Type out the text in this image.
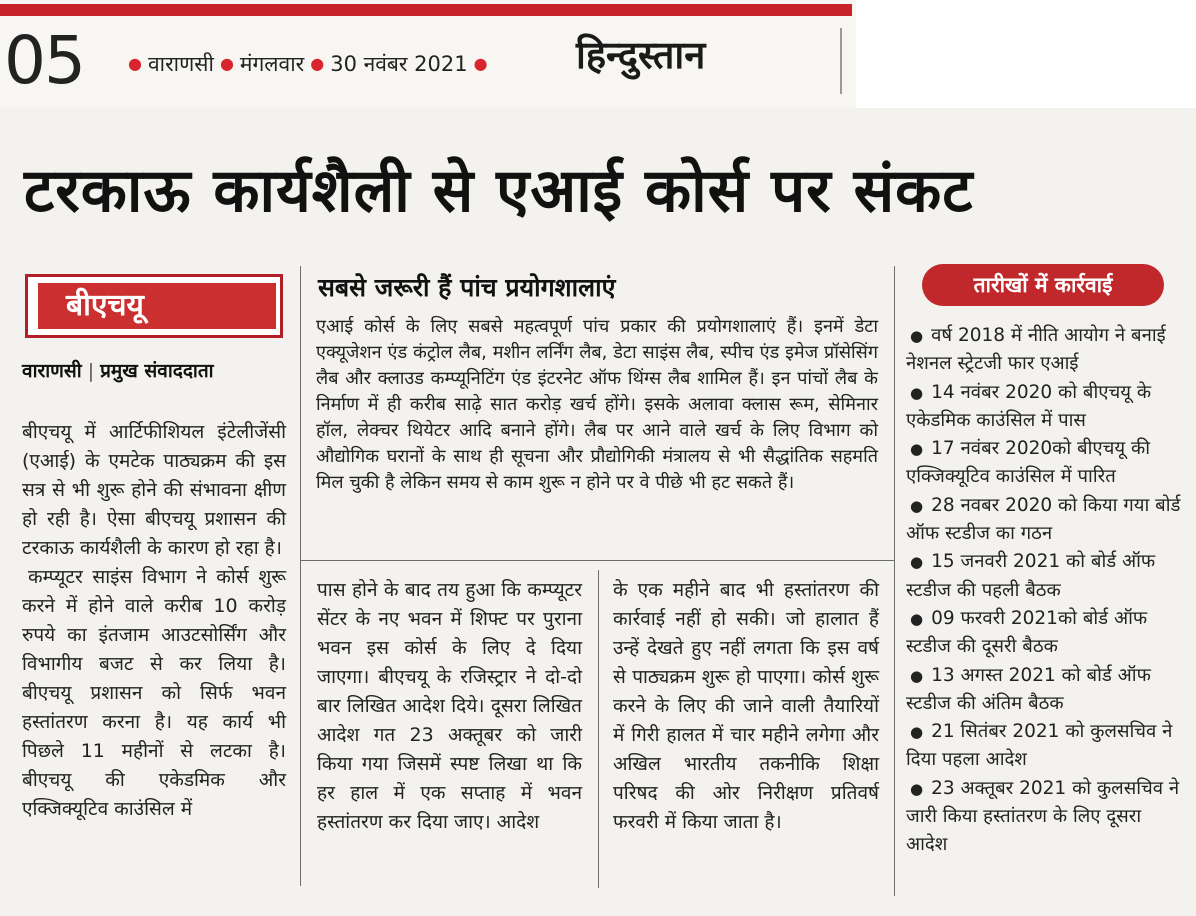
05	● वाराणसी ● मंगलवार ● 30 नवंबर 2021 ● हिन्दुस्तान
टरकाऊ कार्यशैली से एआई कोर्स पर संकट
बीएचयू
वाराणसी | प्रमुख संवाददाता

बीएचयू में आर्टिफीशियल इंटेलीजेंसी (एआई) के एमटेक पाठ्यक्रम की इस सत्र से भी शुरू होने की संभावना क्षीण हो रही है। ऐसा बीएचयू प्रशासन की टरकाऊ कार्यशैली के कारण हो रहा है।

कम्प्यूटर साइंस विभाग ने कोर्स शुरू करने में होने वाले करीब 10 करोड़ रुपये का इंतजाम आउटसोर्सिंग और विभागीय बजट से कर लिया है। बीएचयू प्रशासन को सिर्फ भवन हस्तांतरण करना है। यह कार्य भी पिछले 11 महीनों से लटका है। बीएचयू की एकेडमिक और एक्जिक्यूटिव काउंसिल में

सबसे जरूरी हैं पांच प्रयोगशालाएं
एआई कोर्स के लिए सबसे महत्वपूर्ण पांच प्रकार की प्रयोगशालाएं हैं। इनमें डेटा एक्यूजेशन एंड कंट्रोल लैब, मशीन लर्निंग लैब, डेटा साइंस लैब, स्पीच एंड इमेज प्रॉसेसिंग लैब और क्लाउड कम्प्यूनिटिंग एंड इंटरनेट ऑफ थिंग्स लैब शामिल हैं। इन पांचों लैब के निर्माण में ही करीब साढ़े सात करोड़ खर्च होंगे। इसके अलावा क्लास रूम, सेमिनार हॉल, लेक्चर थियेटर आदि बनाने होंगे। लैब पर आने वाले खर्च के लिए विभाग को औद्योगिक घरानों के साथ ही सूचना और प्रौद्योगिकी मंत्रालय से भी सैद्धांतिक सहमति मिल चुकी है लेकिन समय से काम शुरू न होने पर वे पीछे भी हट सकते हैं।

पास होने के बाद तय हुआ कि कम्प्यूटर सेंटर के नए भवन में शिफ्ट पर पुराना भवन इस कोर्स के लिए दे दिया जाएगा। बीएचयू के रजिस्ट्रार ने दो-दो बार लिखित आदेश दिये। दूसरा लिखित आदेश गत 23 अक्तूबर को जारी किया गया जिसमें स्पष्ट लिखा था कि हर हाल में एक सप्ताह में भवन हस्तांतरण कर दिया जाए। आदेश

के एक महीने बाद भी हस्तांतरण की कार्रवाई नहीं हो सकी। जो हालात हैं उन्हें देखते हुए नहीं लगता कि इस वर्ष से पाठ्यक्रम शुरू हो पाएगा। कोर्स शुरू करने के लिए की जाने वाली तैयारियों में गिरी हालत में चार महीने लगेगा और अखिल भारतीय तकनीकि शिक्षा परिषद की ओर निरीक्षण प्रतिवर्ष फरवरी में किया जाता है।

तारीखों में कार्रवाई
● वर्ष 2018 में नीति आयोग ने बनाई नेशनल स्ट्रेटजी फार एआई
● 14 नवंबर 2020 को बीएचयू के एकेडमिक काउंसिल में पास
● 17 नवंबर 2020को बीएचयू की एक्जिक्यूटिव काउंसिल में पारित
● 28 नवबर 2020 को किया गया बोर्ड ऑफ स्टडीज का गठन
● 15 जनवरी 2021 को बोर्ड ऑफ स्टडीज की पहली बैठक
● 09 फरवरी 2021को बोर्ड ऑफ स्टडीज की दूसरी बैठक
● 13 अगस्त 2021 को बोर्ड ऑफ स्टडीज की अंतिम बैठक
● 21 सितंबर 2021 को कुलसचिव ने दिया पहला आदेश
● 23 अक्तूबर 2021 को कुलसचिव ने जारी किया हस्तांतरण के लिए दूसरा आदेश
